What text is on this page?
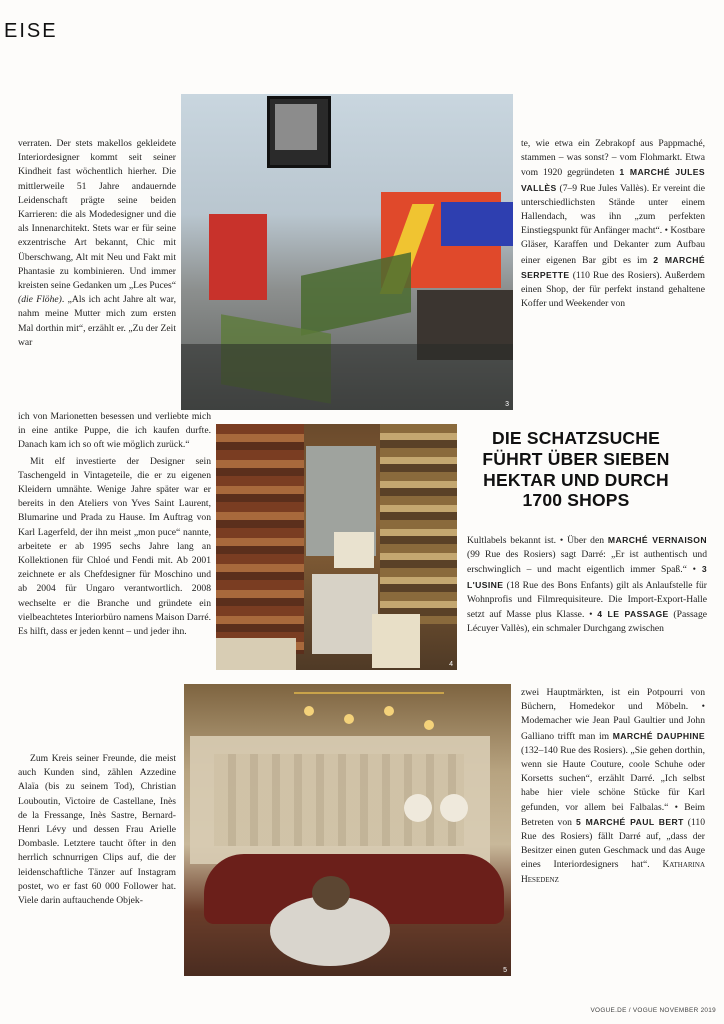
EISE

verraten. Der stets makellos gekleidete Interiordesigner kommt seit seiner Kindheit fast wöchentlich hierher. Die mittlerweile 51 Jahre andauernde Leidenschaft prägte seine beiden Karrieren: die als Modedesigner und die als Innenarchitekt. Stets war er für seine exzentrische Art bekannt, Chic mit Überschwang, Alt mit Neu und Fakt mit Phantasie zu kombinieren. Und immer kreisten seine Gedanken um „Les Puces“ (die Flöhe). „Als ich acht Jahre alt war, nahm meine Mutter mich zum ersten Mal dorthin mit“, erzählt er. „Zu der Zeit war

ich von Marionetten besessen und verliebte mich in eine antike Puppe, die ich kaufen durfte. Danach kam ich so oft wie möglich zurück.“

Mit elf investierte der Designer sein Taschengeld in Vintageteile, die er zu eigenen Kleidern umnähte. Wenige Jahre später war er bereits in den Ateliers von Yves Saint Laurent, Blumarine und Prada zu Hause. Im Auftrag von Karl Lagerfeld, der ihn meist „mon puce“ nannte, arbeitete er ab 1995 sechs Jahre lang an Kollektionen für Chloé und Fendi mit. Ab 2001 zeichnete er als Chefdesigner für Moschino und ab 2004 für Ungaro verantwortlich. 2008 wechselte er die Branche und gründete ein vielbeachtetes Interiorbüro namens Maison Darré. Es hilft, dass er jeden kennt – und jeder ihn.

Zum Kreis seiner Freunde, die meist auch Kunden sind, zählen Azzedine Alaïa (bis zu seinem Tod), Christian Louboutin, Victoire de Castellane, Inès de la Fressange, Inès Sastre, Bernard-Henri Lévy und dessen Frau Arielle Dombasle. Letztere taucht öfter in den herrlich schnurrigen Clips auf, die der leidenschaftliche Tänzer auf Instagram postet, wo er fast 60 000 Follower hat. Viele darin auftauchende Objek-

3

te, wie etwa ein Zebrakopf aus Pappmaché, stammen – was sonst? – vom Flohmarkt. Etwa vom 1920 gegründeten 1 MARCHÉ JULES VALLÈS (7–9 Rue Jules Vallès). Er vereint die unterschiedlichsten Stände unter einem Hallendach, was ihn „zum perfekten Einstiegspunkt für Anfänger macht“. • Kostbare Gläser, Karaffen und Dekanter zum Aufbau einer eigenen Bar gibt es im 2 MARCHÉ SERPETTE (110 Rue des Rosiers). Außerdem einen Shop, der für perfekt instand gehaltene Koffer und Weekender von

DIE SCHATZSUCHE FÜHRT ÜBER SIEBEN HEKTAR UND DURCH 1700 SHOPS
4

Kultlabels bekannt ist. • Über den MARCHÉ VERNAISON (99 Rue des Rosiers) sagt Darré: „Er ist authentisch und erschwinglich – und macht eigentlich immer Spaß.“ • 3 L'USINE (18 Rue des Bons Enfants) gilt als Anlaufstelle für Wohnprofis und Filmrequisiteure. Die Import-Export-Halle setzt auf Masse plus Klasse. • 4 LE PASSAGE (Passage Lécuyer Vallès), ein schmaler Durchgang zwischen

5

zwei Hauptmärkten, ist ein Potpourri von Büchern, Homedekor und Möbeln. • Modemacher wie Jean Paul Gaultier und John Galliano trifft man im MARCHÉ DAUPHINE (132–140 Rue des Rosiers). „Sie gehen dorthin, wenn sie Haute Couture, coole Schuhe oder Korsetts suchen“, erzählt Darré. „Ich selbst habe hier viele schöne Stücke für Karl gefunden, vor allem bei Falbalas.“ • Beim Betreten von 5 MARCHÉ PAUL BERT (110 Rue des Rosiers) fällt Darré auf, „dass der Besitzer einen guten Geschmack und das Auge eines Interiordesigners hat“. Katharina Hesedenz

VOGUE.DE / VOGUE NOVEMBER 2019
